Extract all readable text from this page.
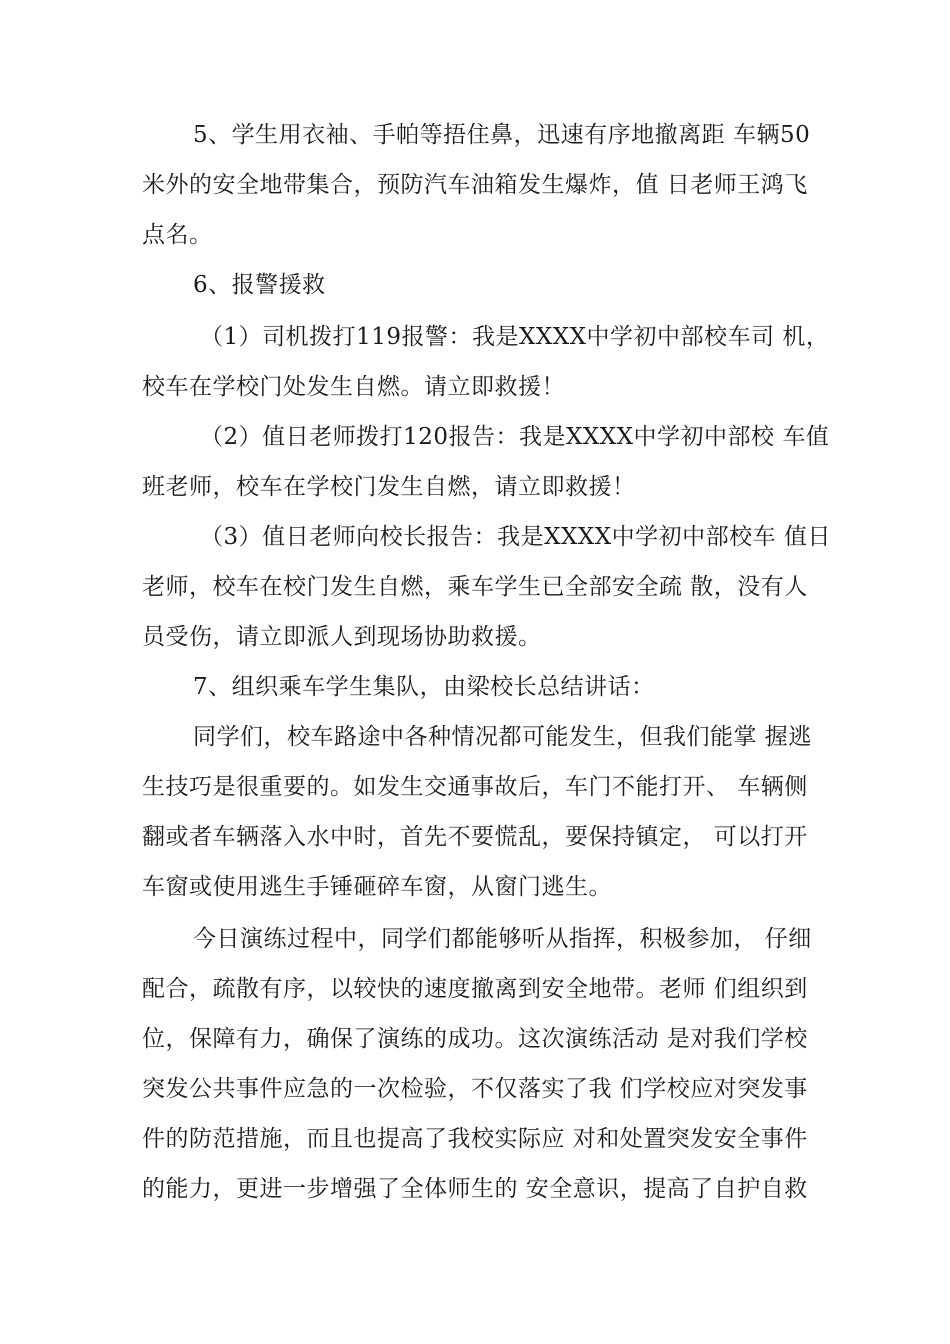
5、学生用衣袖、手帕等捂住鼻，迅速有序地撤离距 车辆50
米外的安全地带集合，预防汽车油箱发生爆炸，值 日老师王鸿飞
点名。
6、报警援救
（1）司机拨打119报警：我是XXXX中学初中部校车司 机，
校车在学校门处发生自燃。请立即救援！
（2）值日老师拨打120报告：我是XXXX中学初中部校 车值
班老师，校车在学校门发生自燃，请立即救援！
（3）值日老师向校长报告：我是XXXX中学初中部校车 值日
老师，校车在校门发生自燃，乘车学生已全部安全疏 散，没有人
员受伤，请立即派人到现场协助救援。
7、组织乘车学生集队，由梁校长总结讲话：
同学们，校车路途中各种情况都可能发生，但我们能掌 握逃
生技巧是很重要的。如发生交通事故后，车门不能打开、 车辆侧
翻或者车辆落入水中时，首先不要慌乱，要保持镇定， 可以打开
车窗或使用逃生手锤砸碎车窗，从窗门逃生。
今日演练过程中，同学们都能够听从指挥，积极参加， 仔细
配合，疏散有序，以较快的速度撤离到安全地带。老师 们组织到
位，保障有力，确保了演练的成功。这次演练活动 是对我们学校
突发公共事件应急的一次检验，不仅落实了我 们学校应对突发事
件的防范措施，而且也提高了我校实际应 对和处置突发安全事件
的能力，更进一步增强了全体师生的 安全意识，提高了自护自救
